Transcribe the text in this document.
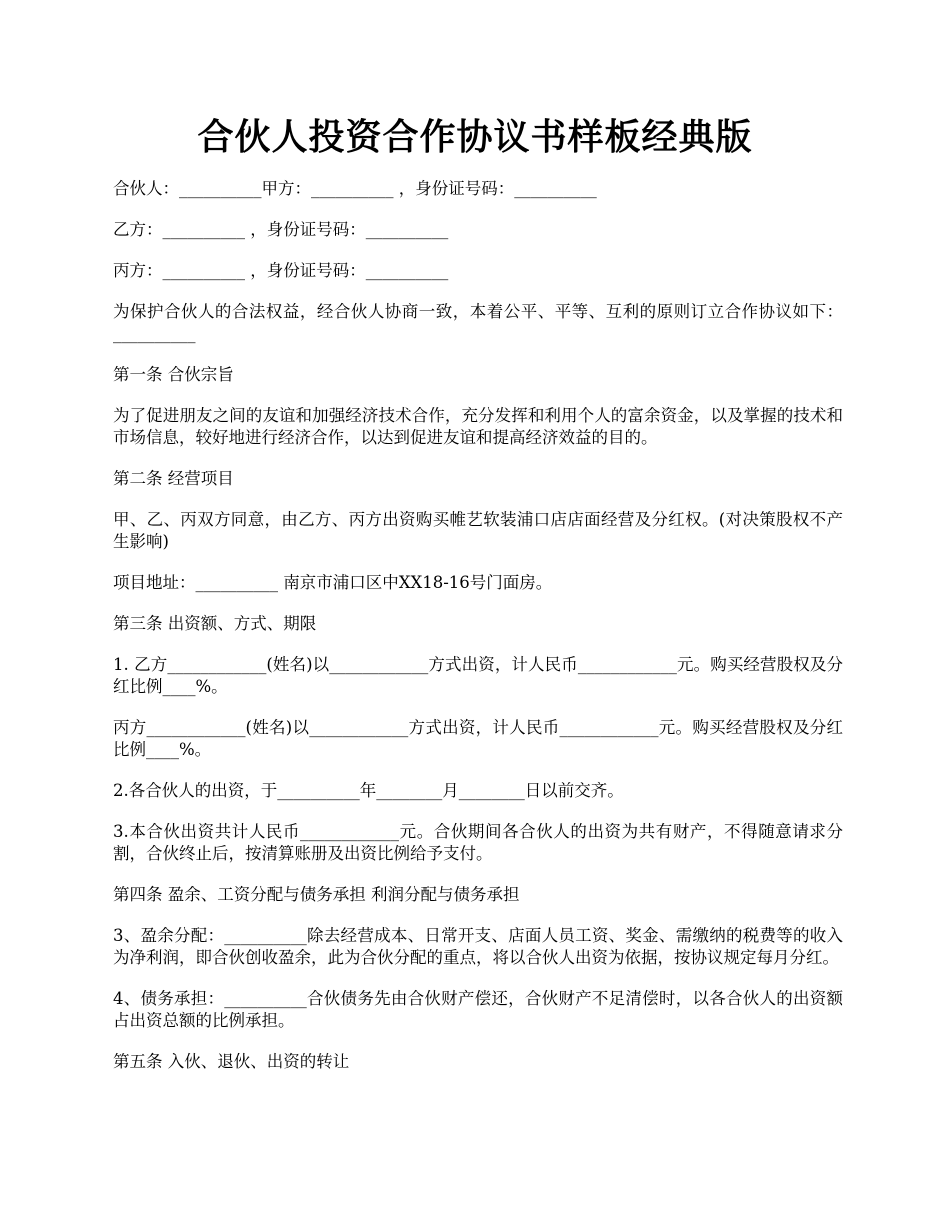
合伙人投资合作协议书样板经典版

合伙人：__________甲方：__________ ，身份证号码：__________

乙方：__________ ，身份证号码：__________

丙方：__________ ，身份证号码：__________

为保护合伙人的合法权益，经合伙人协商一致，本着公平、平等、互利的原则订立合作协议如下：__________

第一条 合伙宗旨

为了促进朋友之间的友谊和加强经济技术合作，充分发挥和利用个人的富余资金，以及掌握的技术和市场信息，较好地进行经济合作，以达到促进友谊和提高经济效益的目的。

第二条 经营项目

甲、乙、丙双方同意，由乙方、丙方出资购买帷艺软装浦口店店面经营及分红权。(对决策股权不产生影响)

项目地址：__________ 南京市浦口区中XX18-16号门面房。

第三条 出资额、方式、期限

1. 乙方____________(姓名)以____________方式出资，计人民币____________元。购买经营股权及分红比例____%。

丙方____________(姓名)以____________方式出资，计人民币____________元。购买经营股权及分红比例____%。

2.各合伙人的出资，于__________年________月________日以前交齐。

3.本合伙出资共计人民币____________元。合伙期间各合伙人的出资为共有财产，不得随意请求分割，合伙终止后，按清算账册及出资比例给予支付。

第四条 盈余、工资分配与债务承担 利润分配与债务承担

3、盈余分配：__________除去经营成本、日常开支、店面人员工资、奖金、需缴纳的税费等的收入为净利润，即合伙创收盈余，此为合伙分配的重点，将以合伙人出资为依据，按协议规定每月分红。

4、债务承担：__________合伙债务先由合伙财产偿还，合伙财产不足清偿时，以各合伙人的出资额占出资总额的比例承担。

第五条 入伙、退伙、出资的转让
